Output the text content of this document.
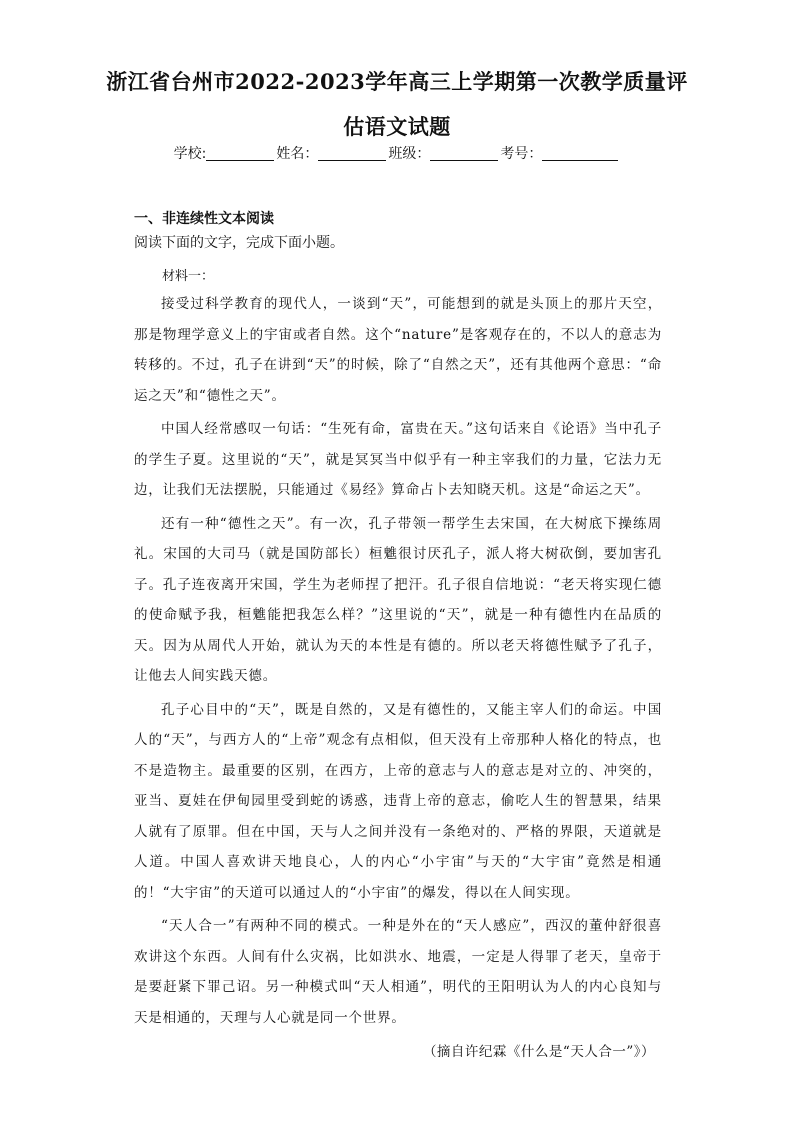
浙江省台州市2022-2023学年高三上学期第一次教学质量评
估语文试题
学校:	姓名：	班级：	考号：
一、非连续性文本阅读
阅读下面的文字，完成下面小题。
材料一：

接受过科学教育的现代人，一谈到“天”，可能想到的就是头顶上的那片天空，那是物理学意义上的宇宙或者自然。这个“nature”是客观存在的，不以人的意志为转移的。不过，孔子在讲到“天”的时候，除了“自然之天”，还有其他两个意思：“命运之天”和“德性之天”。

中国人经常感叹一句话：“生死有命，富贵在天。”这句话来自《论语》当中孔子的学生子夏。这里说的“天”，就是冥冥当中似乎有一种主宰我们的力量，它法力无边，让我们无法摆脱，只能通过《易经》算命占卜去知晓天机。这是“命运之天”。

还有一种“德性之天”。有一次，孔子带领一帮学生去宋国，在大树底下操练周礼。宋国的大司马（就是国防部长）桓魋很讨厌孔子，派人将大树砍倒，要加害孔子。孔子连夜离开宋国，学生为老师捏了把汗。孔子很自信地说：“老天将实现仁德的使命赋予我，桓魋能把我怎么样？”这里说的“天”，就是一种有德性内在品质的天。因为从周代人开始，就认为天的本性是有德的。所以老天将德性赋予了孔子，让他去人间实践天德。

孔子心目中的“天”，既是自然的，又是有德性的，又能主宰人们的命运。中国人的“天”，与西方人的“上帝”观念有点相似，但天没有上帝那种人格化的特点，也不是造物主。最重要的区别，在西方，上帝的意志与人的意志是对立的、冲突的，亚当、夏娃在伊甸园里受到蛇的诱惑，违背上帝的意志，偷吃人生的智慧果，结果人就有了原罪。但在中国，天与人之间并没有一条绝对的、严格的界限，天道就是人道。中国人喜欢讲天地良心，人的内心“小宇宙”与天的“大宇宙”竟然是相通的！“大宇宙”的天道可以通过人的“小宇宙”的爆发，得以在人间实现。

“天人合一”有两种不同的模式。一种是外在的“天人感应”，西汉的董仲舒很喜欢讲这个东西。人间有什么灾祸，比如洪水、地震，一定是人得罪了老天，皇帝于是要赶紧下罪己诏。另一种模式叫“天人相通”，明代的王阳明认为人的内心良知与天是相通的，天理与人心就是同一个世界。

（摘自许纪霖《什么是“天人合一”》）
